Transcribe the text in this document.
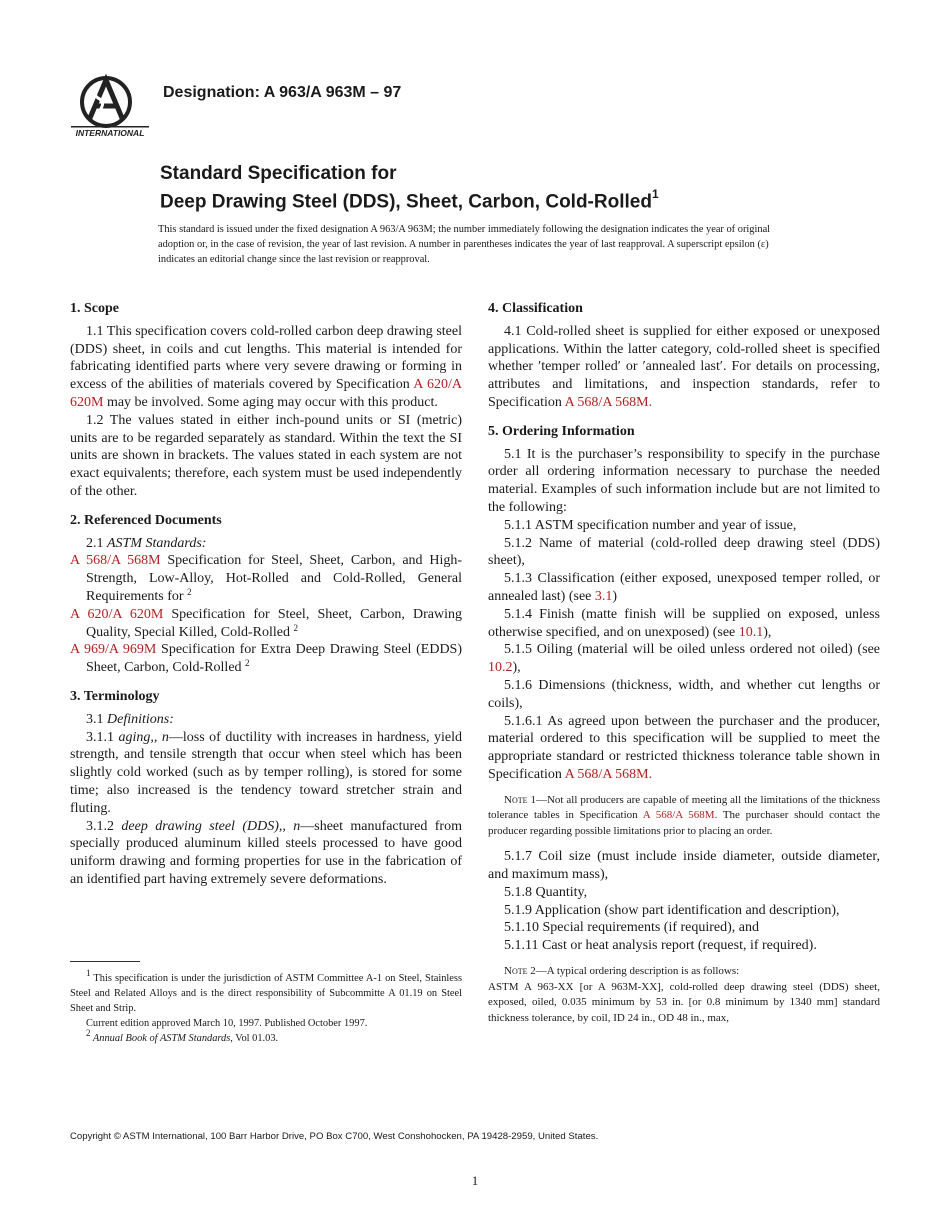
INTERNATIONAL
Designation: A 963/A 963M – 97
Standard Specification for
Deep Drawing Steel (DDS), Sheet, Carbon, Cold-Rolled$^1$
This standard is issued under the fixed designation A 963/A 963M; the number immediately following the designation indicates the year of original adoption or, in the case of revision, the year of last revision. A number in parentheses indicates the year of last reapproval. A superscript epsilon (ε) indicates an editorial change since the last revision or reapproval.

1. Scope

1.1 This specification covers cold-rolled carbon deep drawing steel (DDS) sheet, in coils and cut lengths. This material is intended for fabricating identified parts where very severe drawing or forming in excess of the abilities of materials covered by Specification A 620/A 620M may be involved. Some aging may occur with this product.

1.2 The values stated in either inch-pound units or SI (metric) units are to be regarded separately as standard. Within the text the SI units are shown in brackets. The values stated in each system are not exact equivalents; therefore, each system must be used independently of the other.

2. Referenced Documents

2.1 ASTM Standards:

A 568/A 568M Specification for Steel, Sheet, Carbon, and High-Strength, Low-Alloy, Hot-Rolled and Cold-Rolled, General Requirements for $^2$

A 620/A 620M Specification for Steel, Sheet, Carbon, Drawing Quality, Special Killed, Cold-Rolled $^2$

A 969/A 969M Specification for Extra Deep Drawing Steel (EDDS) Sheet, Carbon, Cold-Rolled $^2$

3. Terminology

3.1 Definitions:

3.1.1 aging,, n—loss of ductility with increases in hardness, yield strength, and tensile strength that occur when steel which has been slightly cold worked (such as by temper rolling), is stored for some time; also increased is the tendency toward stretcher strain and fluting.

3.1.2 deep drawing steel (DDS),, n—sheet manufactured from specially produced aluminum killed steels processed to have good uniform drawing and forming properties for use in the fabrication of an identified part having extremely severe deformations.

4. Classification

4.1 Cold-rolled sheet is supplied for either exposed or unexposed applications. Within the latter category, cold-rolled sheet is specified whether ′temper rolled′ or ′annealed last′. For details on processing, attributes and limitations, and inspection standards, refer to Specification A 568/A 568M.

5. Ordering Information

5.1 It is the purchaser’s responsibility to specify in the purchase order all ordering information necessary to purchase the needed material. Examples of such information include but are not limited to the following:

5.1.1 ASTM specification number and year of issue,

5.1.2 Name of material (cold-rolled deep drawing steel (DDS) sheet),

5.1.3 Classification (either exposed, unexposed temper rolled, or annealed last) (see 3.1)

5.1.4 Finish (matte finish will be supplied on exposed, unless otherwise specified, and on unexposed) (see 10.1),

5.1.5 Oiling (material will be oiled unless ordered not oiled) (see 10.2),

5.1.6 Dimensions (thickness, width, and whether cut lengths or coils),

5.1.6.1 As agreed upon between the purchaser and the producer, material ordered to this specification will be supplied to meet the appropriate standard or restricted thickness tolerance table shown in Specification A 568/A 568M.

Note 1—Not all producers are capable of meeting all the limitations of the thickness tolerance tables in Specification A 568/A 568M. The purchaser should contact the producer regarding possible limitations prior to placing an order.

5.1.7 Coil size (must include inside diameter, outside diameter, and maximum mass),

5.1.8 Quantity,

5.1.9 Application (show part identification and description),

5.1.10 Special requirements (if required), and

5.1.11 Cast or heat analysis report (request, if required).

Note 2—A typical ordering description is as follows:

ASTM A 963-XX [or A 963M-XX], cold-rolled deep drawing steel (DDS) sheet, exposed, oiled, 0.035 minimum by 53 in. [or 0.8 minimum by 1340 mm] standard thickness tolerance, by coil, ID 24 in., OD 48 in., max,

$^1$ This specification is under the jurisdiction of ASTM Committee A-1 on Steel, Stainless Steel and Related Alloys and is the direct responsibility of Subcommitte A 01.19 on Steel Sheet and Strip.

Current edition approved March 10, 1997. Published October 1997.

$^2$ Annual Book of ASTM Standards, Vol 01.03.

Copyright © ASTM International, 100 Barr Harbor Drive, PO Box C700, West Conshohocken, PA 19428-2959, United States.
1
